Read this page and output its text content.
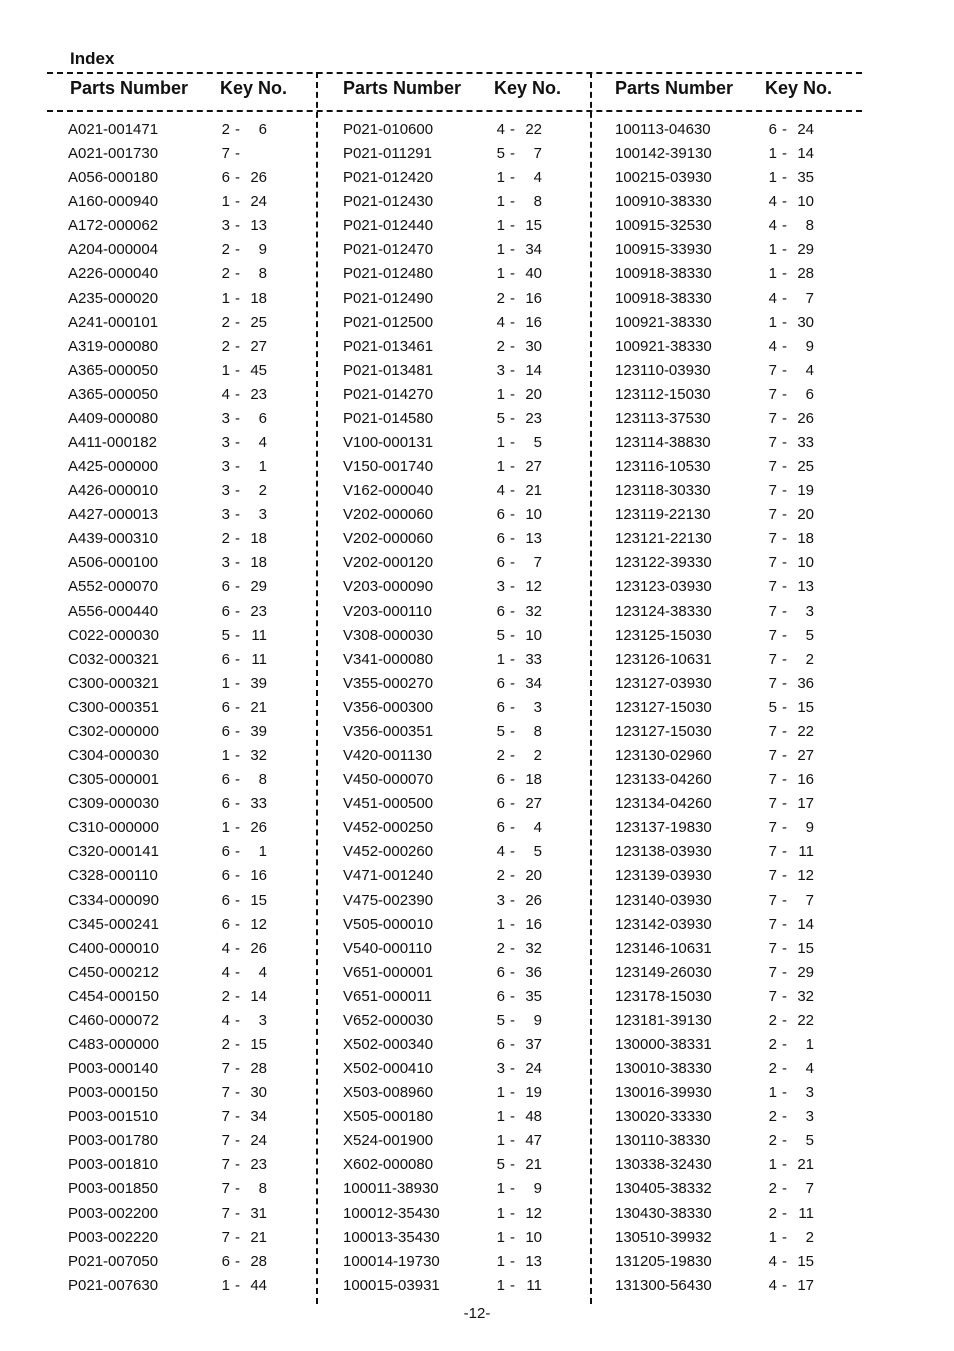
Index
Parts Number Key No.	Parts Number Key No.	Parts Number Key No.
A021-001471	2 -	6
A021-001730	7 -
A056-000180	6 - 26
A160-000940	1 - 24
A172-000062	3 - 13
A204-000004	2 -	9
A226-000040	2 -	8
A235-000020	1 - 18
A241-000101	2 - 25
A319-000080	2 - 27
A365-000050	1 - 45
A365-000050	4 - 23
A409-000080	3 -	6
A411-000182	3 -	4
A425-000000	3 -	1
A426-000010	3 -	2
A427-000013	3 -	3
A439-000310	2 - 18
A506-000100	3 - 18
A552-000070	6 - 29
A556-000440	6 - 23
C022-000030	5 - 11
C032-000321	6 - 11
C300-000321	1 - 39
C300-000351	6 - 21
C302-000000	6 - 39
C304-000030	1 - 32
C305-000001	6 -	8
C309-000030	6 - 33
C310-000000	1 - 26
C320-000141	6 -	1
C328-000110	6 - 16
C334-000090	6 - 15
C345-000241	6 - 12
C400-000010	4 - 26
C450-000212	4 -	4
C454-000150	2 - 14
C460-000072	4 -	3
C483-000000	2 - 15
P003-000140	7 - 28
P003-000150	7 - 30
P003-001510	7 - 34
P003-001780	7 - 24
P003-001810	7 - 23
P003-001850	7 -	8
P003-002200	7 - 31
P003-002220	7 - 21
P021-007050	6 - 28
P021-007630	1 - 44
P021-010600	4 - 22
P021-011291	5 -	7
P021-012420	1 -	4
P021-012430	1 -	8
P021-012440	1 - 15
P021-012470	1 - 34
P021-012480	1 - 40
P021-012490	2 - 16
P021-012500	4 - 16
P021-013461	2 - 30
P021-013481	3 - 14
P021-014270	1 - 20
P021-014580	5 - 23
V100-000131	1 -	5
V150-001740	1 - 27
V162-000040	4 - 21
V202-000060	6 - 10
V202-000060	6 - 13
V202-000120	6 -	7
V203-000090	3 - 12
V203-000110	6 - 32
V308-000030	5 - 10
V341-000080	1 - 33
V355-000270	6 - 34
V356-000300	6 -	3
V356-000351	5 -	8
V420-001130	2 -	2
V450-000070	6 - 18
V451-000500	6 - 27
V452-000250	6 -	4
V452-000260	4 -	5
V471-001240	2 - 20
V475-002390	3 - 26
V505-000010	1 - 16
V540-000110	2 - 32
V651-000001	6 - 36
V651-000011	6 - 35
V652-000030	5 -	9
X502-000340	6 - 37
X502-000410	3 - 24
X503-008960	1 - 19
X505-000180	1 - 48
X524-001900	1 - 47
X602-000080	5 - 21
100011-38930	1 -	9
100012-35430	1 - 12
100013-35430	1 - 10
100014-19730	1 - 13
100015-03931	1 - 11
100113-04630	6 - 24
100142-39130	1 - 14
100215-03930	1 - 35
100910-38330	4 - 10
100915-32530	4 -	8
100915-33930	1 - 29
100918-38330	1 - 28
100918-38330	4 -	7
100921-38330	1 - 30
100921-38330	4 -	9
123110-03930	7 -	4
123112-15030	7 -	6
123113-37530	7 - 26
123114-38830	7 - 33
123116-10530	7 - 25
123118-30330	7 - 19
123119-22130	7 - 20
123121-22130	7 - 18
123122-39330	7 - 10
123123-03930	7 - 13
123124-38330	7 -	3
123125-15030	7 -	5
123126-10631	7 -	2
123127-03930	7 - 36
123127-15030	5 - 15
123127-15030	7 - 22
123130-02960	7 - 27
123133-04260	7 - 16
123134-04260	7 - 17
123137-19830	7 -	9
123138-03930	7 - 11
123139-03930	7 - 12
123140-03930	7 -	7
123142-03930	7 - 14
123146-10631	7 - 15
123149-26030	7 - 29
123178-15030	7 - 32
123181-39130	2 - 22
130000-38331	2 -	1
130010-38330	2 -	4
130016-39930	1 -	3
130020-33330	2 -	3
130110-38330	2 -	5
130338-32430	1 - 21
130405-38332	2 -	7
130430-38330	2 - 11
130510-39932	1 -	2
131205-19830	4 - 15
131300-56430	4 - 17
-12-
